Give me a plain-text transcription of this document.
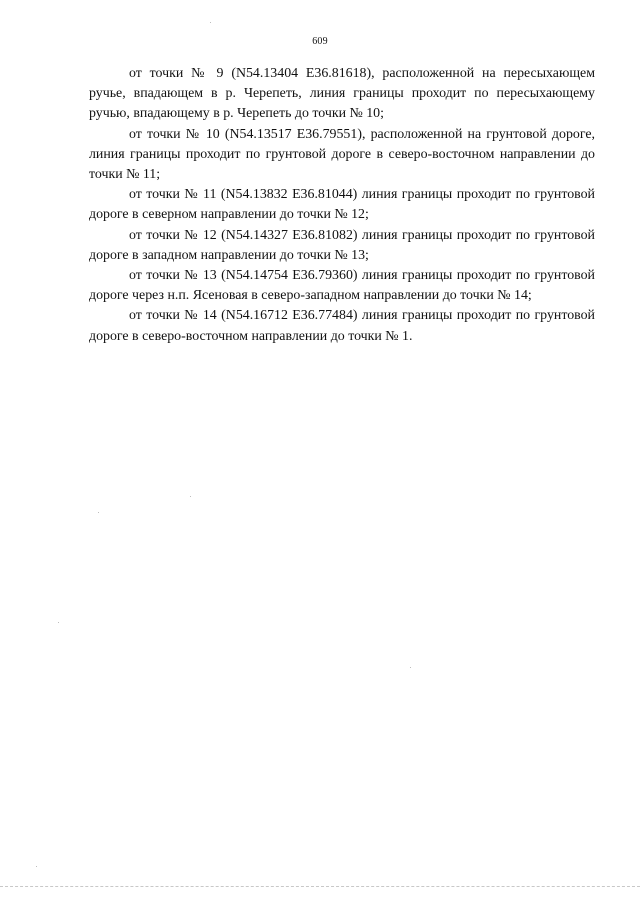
609

от точки № 9 (N54.13404 E36.81618), расположенной на пересыхающем ручье, впадающем в р. Черепеть, линия границы проходит по пересыхающему ручью, впадающему в р. Черепеть до точки № 10;

от точки № 10 (N54.13517 E36.79551), расположенной на грунтовой дороге, линия границы проходит по грунтовой дороге в северо-восточном направлении до точки № 11;

от точки № 11 (N54.13832 E36.81044) линия границы проходит по грунтовой дороге в северном направлении до точки № 12;

от точки № 12 (N54.14327 E36.81082) линия границы проходит по грунтовой дороге в западном направлении до точки № 13;

от точки № 13 (N54.14754 E36.79360) линия границы проходит по грунтовой дороге через н.п. Ясеновая в северо-западном направлении до точки № 14;

от точки № 14 (N54.16712 E36.77484) линия границы проходит по грунтовой дороге в северо-восточном направлении до точки № 1.
